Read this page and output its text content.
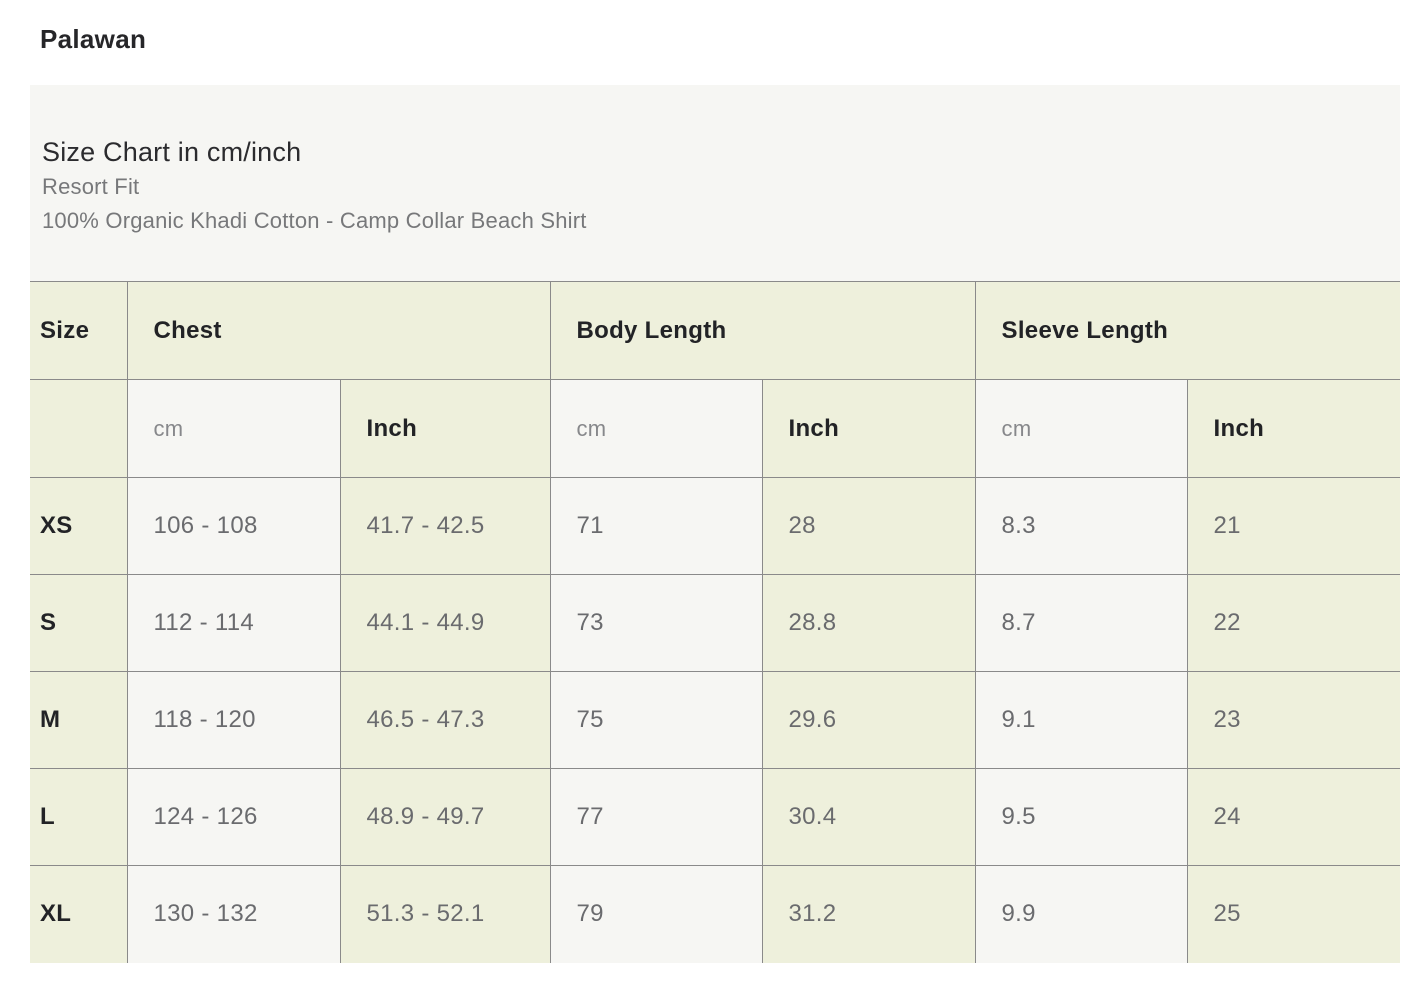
Palawan
Size Chart in cm/inch
Resort Fit
100% Organic Khadi Cotton - Camp Collar Beach Shirt
Size	Chest		Body Length		Sleeve Length	
	cm	Inch	cm	Inch	cm	Inch
XS	106 - 108	41.7 - 42.5	71	28	8.3	21
S	112 - 114	44.1 - 44.9	73	28.8	8.7	22
M	118 - 120	46.5 - 47.3	75	29.6	9.1	23
L	124 - 126	48.9 - 49.7	77	30.4	9.5	24
XL	130 - 132	51.3 - 52.1	79	31.2	9.9	25
